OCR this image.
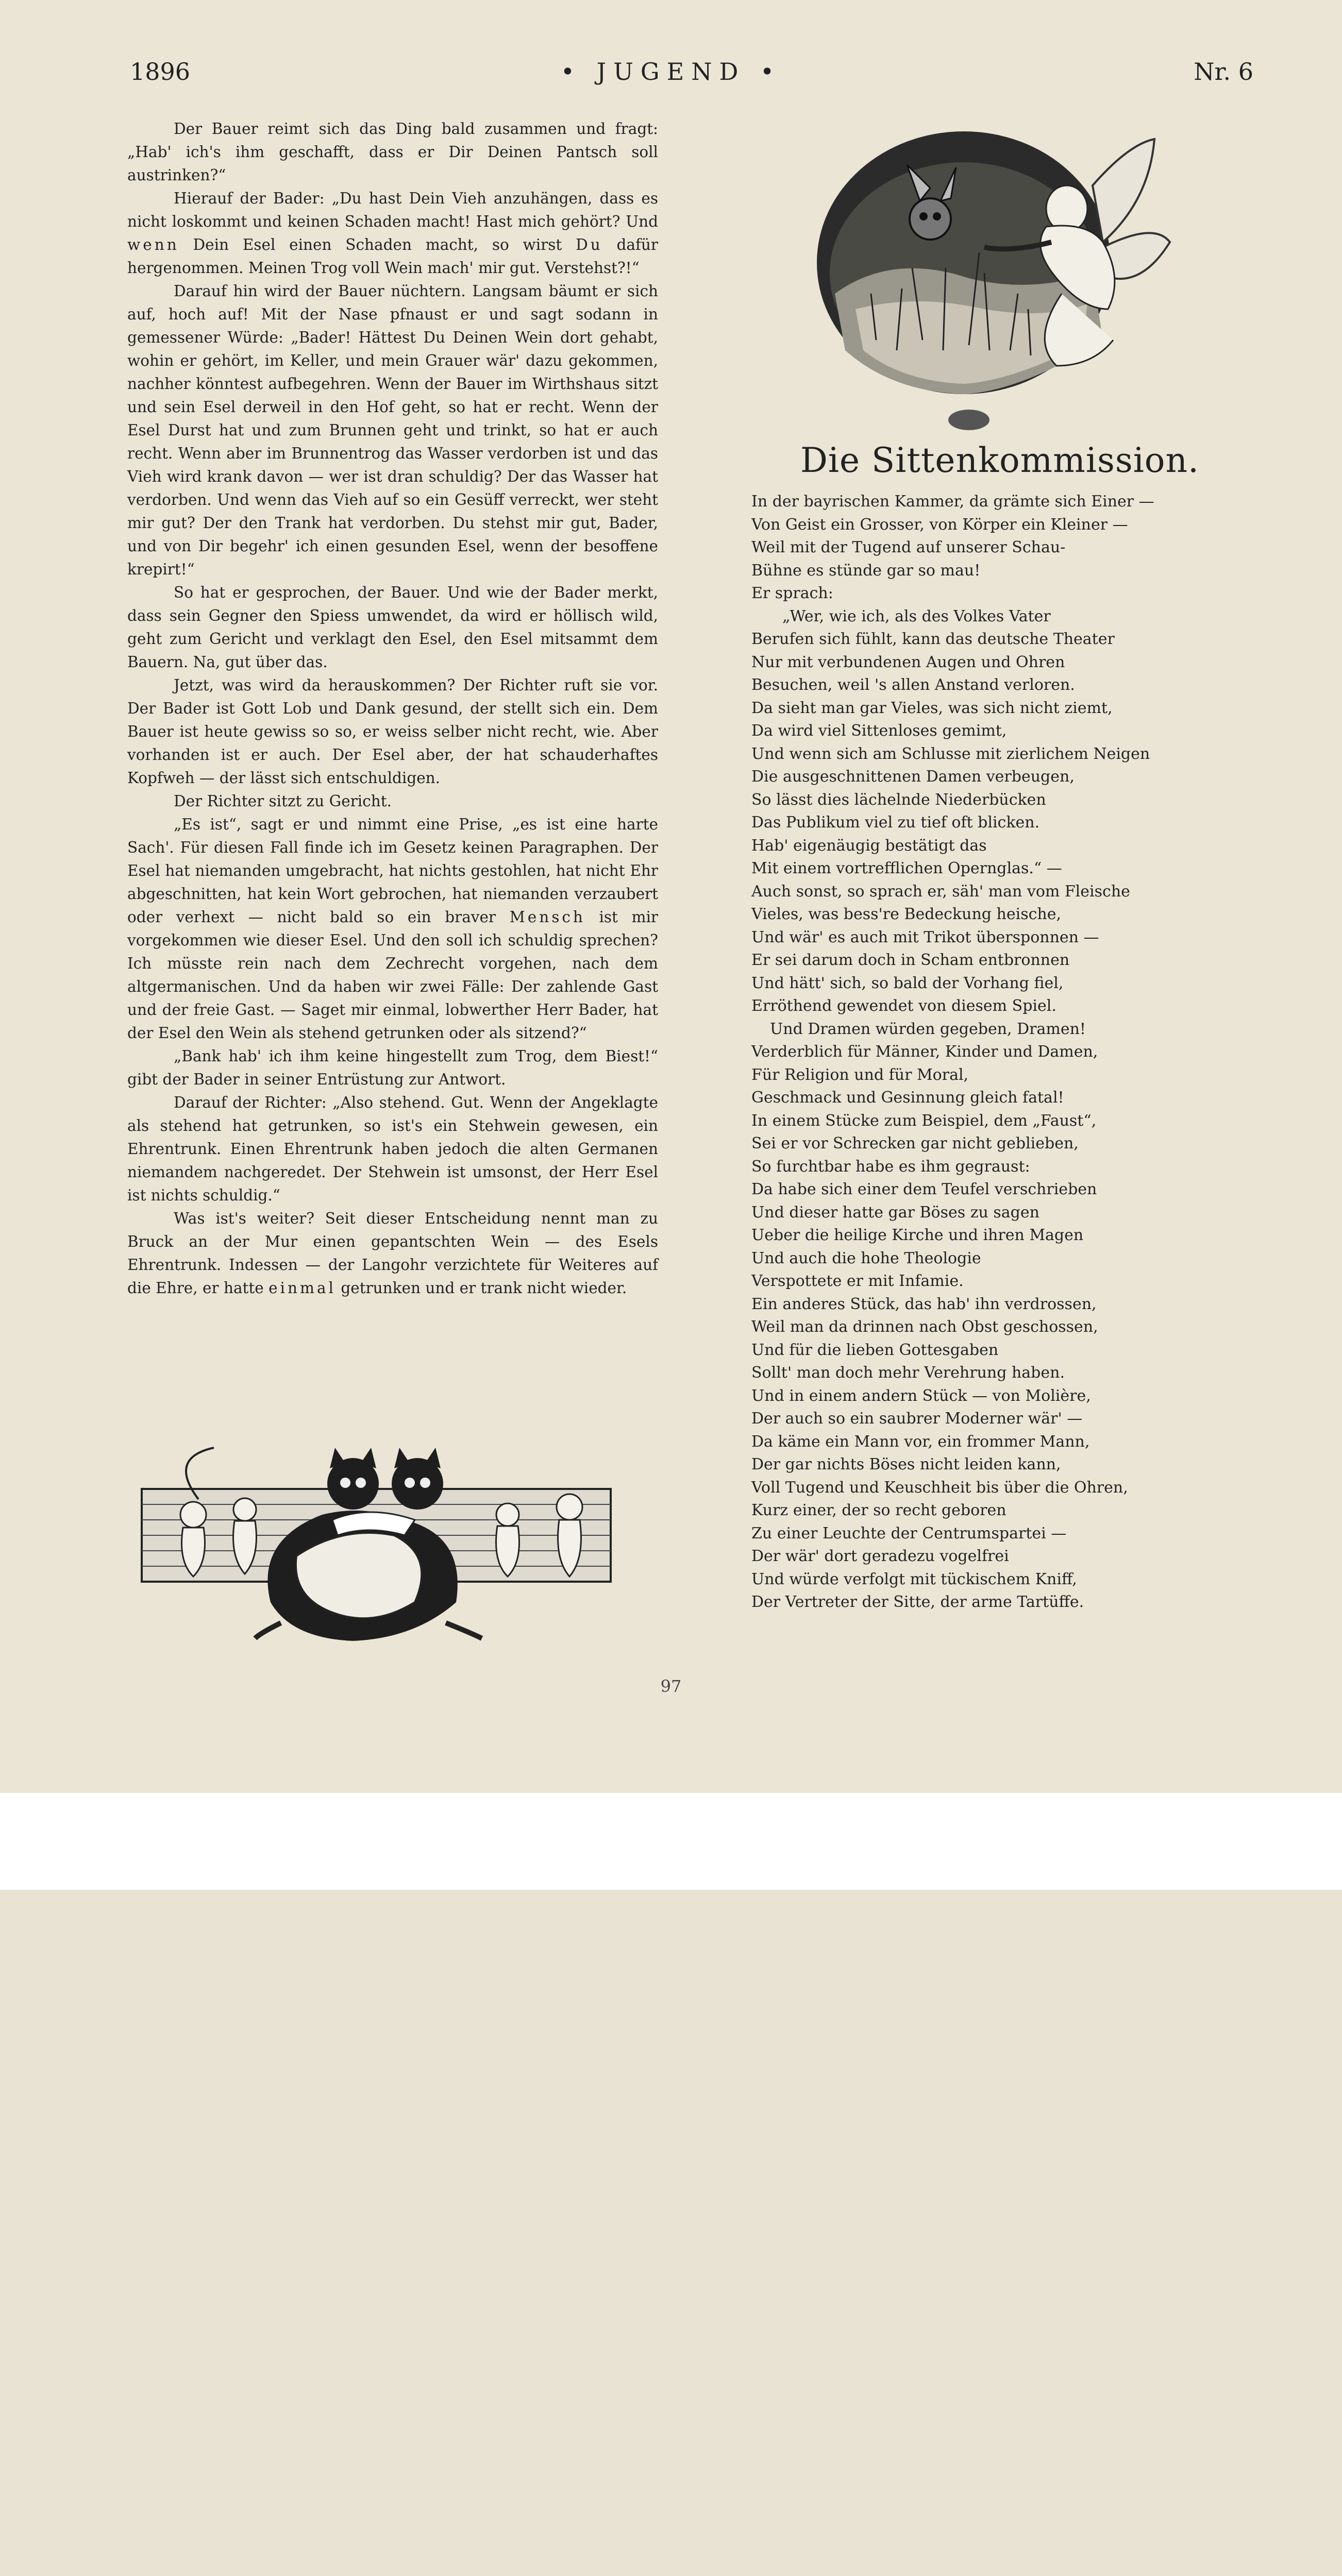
• JUGEND •
1896	Nr. 6

Der Bauer reimt sich das Ding bald zusammen und fragt: „Hab' ich's ihm geschafft, dass er Dir Deinen Pantsch soll austrinken?“

Hierauf der Bader: „Du hast Dein Vieh anzuhängen, dass es nicht loskommt und keinen Schaden macht! Hast mich gehört? Und wenn Dein Esel einen Schaden macht, so wirst Du dafür hergenommen. Meinen Trog voll Wein mach' mir gut. Verstehst?!“

Darauf hin wird der Bauer nüchtern. Langsam bäumt er sich auf, hoch auf! Mit der Nase pfnaust er und sagt sodann in gemessener Würde: „Bader! Hättest Du Deinen Wein dort gehabt, wohin er gehört, im Keller, und mein Grauer wär' dazu gekommen, nachher könntest aufbegehren. Wenn der Bauer im Wirthshaus sitzt und sein Esel derweil in den Hof geht, so hat er recht. Wenn der Esel Durst hat und zum Brunnen geht und trinkt, so hat er auch recht. Wenn aber im Brunnentrog das Wasser verdorben ist und das Vieh wird krank davon — wer ist dran schuldig? Der das Wasser hat verdorben. Und wenn das Vieh auf so ein Gesüff verreckt, wer steht mir gut? Der den Trank hat verdorben. Du stehst mir gut, Bader, und von Dir begehr' ich einen gesunden Esel, wenn der besoffene krepirt!“

So hat er gesprochen, der Bauer. Und wie der Bader merkt, dass sein Gegner den Spiess umwendet, da wird er höllisch wild, geht zum Gericht und verklagt den Esel, den Esel mitsammt dem Bauern. Na, gut über das.

Jetzt, was wird da herauskommen? Der Richter ruft sie vor. Der Bader ist Gott Lob und Dank gesund, der stellt sich ein. Dem Bauer ist heute gewiss so so, er weiss selber nicht recht, wie. Aber vorhanden ist er auch. Der Esel aber, der hat schauderhaftes Kopfweh — der lässt sich entschuldigen.

Der Richter sitzt zu Gericht.

„Es ist“, sagt er und nimmt eine Prise, „es ist eine harte Sach'. Für diesen Fall finde ich im Gesetz keinen Paragraphen. Der Esel hat niemanden umgebracht, hat nichts gestohlen, hat nicht Ehr abgeschnitten, hat kein Wort gebrochen, hat niemanden verzaubert oder verhext — nicht bald so ein braver Mensch ist mir vorgekommen wie dieser Esel. Und den soll ich schuldig sprechen? Ich müsste rein nach dem Zechrecht vorgehen, nach dem altgermanischen. Und da haben wir zwei Fälle: Der zahlende Gast und der freie Gast. — Saget mir einmal, lobwerther Herr Bader, hat der Esel den Wein als stehend getrunken oder als sitzend?“

„Bank hab' ich ihm keine hingestellt zum Trog, dem Biest!“ gibt der Bader in seiner Entrüstung zur Antwort.

Darauf der Richter: „Also stehend. Gut. Wenn der Angeklagte als stehend hat getrunken, so ist's ein Stehwein gewesen, ein Ehrentrunk. Einen Ehrentrunk haben jedoch die alten Germanen niemandem nachgeredet. Der Stehwein ist umsonst, der Herr Esel ist nichts schuldig.“

Was ist's weiter? Seit dieser Entscheidung nennt man zu Bruck an der Mur einen gepantschten Wein — des Esels Ehrentrunk. Indessen — der Langohr verzichtete für Weiteres auf die Ehre, er hatte einmal getrunken und er trank nicht wieder.

Die Sittenkommission.
In der bayrischen Kammer, da grämte sich Einer —
Von Geist ein Grosser, von Körper ein Kleiner —
Weil mit der Tugend auf unserer Schau-
Bühne es stünde gar so mau!
Er sprach:
„Wer, wie ich, als des Volkes Vater
Berufen sich fühlt, kann das deutsche Theater
Nur mit verbundenen Augen und Ohren
Besuchen, weil 's allen Anstand verloren.
Da sieht man gar Vieles, was sich nicht ziemt,
Da wird viel Sittenloses gemimt,
Und wenn sich am Schlusse mit zierlichem Neigen
Die ausgeschnittenen Damen verbeugen,
So lässt dies lächelnde Niederbücken
Das Publikum viel zu tief oft blicken.
Hab' eigenäugig bestätigt das
Mit einem vortrefflichen Opernglas.“ —
Auch sonst, so sprach er, säh' man vom Fleische
Vieles, was bess're Bedeckung heische,
Und wär' es auch mit Trikot übersponnen —
Er sei darum doch in Scham entbronnen
Und hätt' sich, so bald der Vorhang fiel,
Erröthend gewendet von diesem Spiel.
Und Dramen würden gegeben, Dramen!
Verderblich für Männer, Kinder und Damen,
Für Religion und für Moral,
Geschmack und Gesinnung gleich fatal!
In einem Stücke zum Beispiel, dem „Faust“,
Sei er vor Schrecken gar nicht geblieben,
So furchtbar habe es ihm gegraust:
Da habe sich einer dem Teufel verschrieben
Und dieser hatte gar Böses zu sagen
Ueber die heilige Kirche und ihren Magen
Und auch die hohe Theologie
Verspottete er mit Infamie.
Ein anderes Stück, das hab' ihn verdrossen,
Weil man da drinnen nach Obst geschossen,
Und für die lieben Gottesgaben
Sollt' man doch mehr Verehrung haben.
Und in einem andern Stück — von Molière,
Der auch so ein saubrer Moderner wär' —
Da käme ein Mann vor, ein frommer Mann,
Der gar nichts Böses nicht leiden kann,
Voll Tugend und Keuschheit bis über die Ohren,
Kurz einer, der so recht geboren
Zu einer Leuchte der Centrumspartei —
Der wär' dort geradezu vogelfrei
Und würde verfolgt mit tückischem Kniff,
Der Vertreter der Sitte, der arme Tartüffe.
97
